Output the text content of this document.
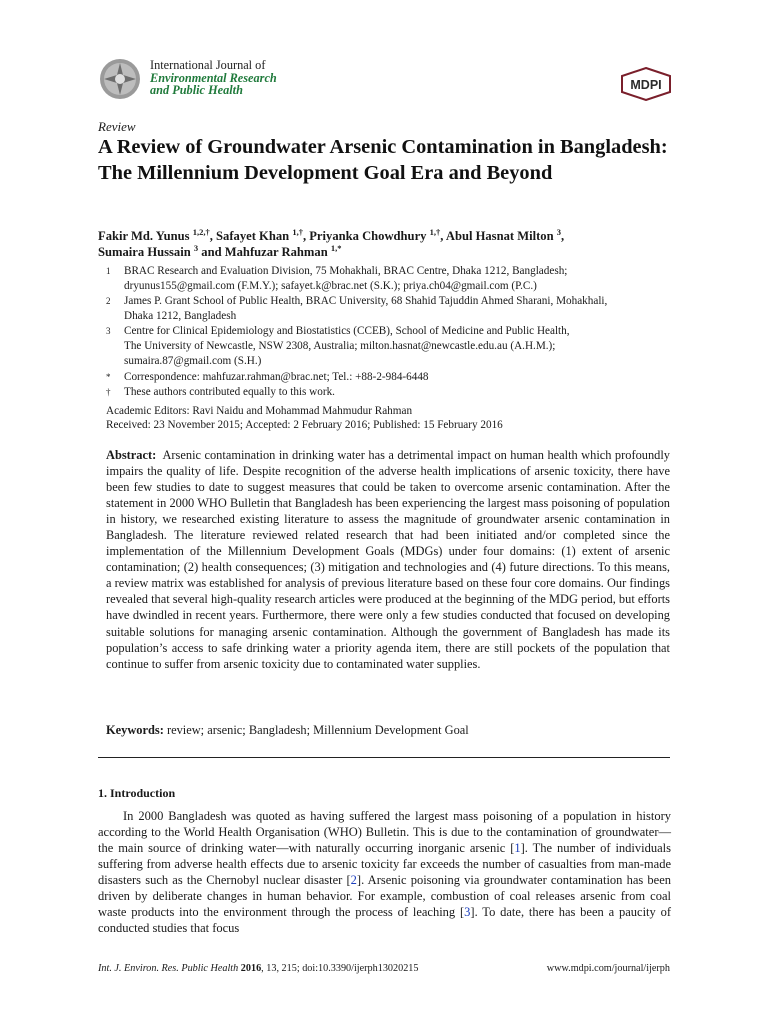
International Journal of
Environmental Research
and Public Health	MDPI
Review
A Review of Groundwater Arsenic Contamination in Bangladesh: The Millennium Development Goal Era and Beyond
Fakir Md. Yunus $^{1,2,\dagger}$, Safayet Khan $^{1,\dagger}$, Priyanka Chowdhury $^{1,\dagger}$, Abul Hasnat Milton $^3$,
Sumaira Hussain $^3$ and Mahfuzar Rahman $^{1,*}$
1	BRAC Research and Evaluation Division, 75 Mohakhali, BRAC Centre, Dhaka 1212, Bangladesh;
dryunus155@gmail.com (F.M.Y.); safayet.k@brac.net (S.K.); priya.ch04@gmail.com (P.C.)
2	James P. Grant School of Public Health, BRAC University, 68 Shahid Tajuddin Ahmed Sharani, Mohakhali,
Dhaka 1212, Bangladesh
3	Centre for Clinical Epidemiology and Biostatistics (CCEB), School of Medicine and Public Health,
The University of Newcastle, NSW 2308, Australia; milton.hasnat@newcastle.edu.au (A.H.M.);
sumaira.87@gmail.com (S.H.)
*	Correspondence: mahfuzar.rahman@brac.net; Tel.: +88-2-984-6448
†	These authors contributed equally to this work.
Academic Editors: Ravi Naidu and Mohammad Mahmudur Rahman
Received: 23 November 2015; Accepted: 2 February 2016; Published: 15 February 2016
Abstract: Arsenic contamination in drinking water has a detrimental impact on human health which profoundly impairs the quality of life. Despite recognition of the adverse health implications of arsenic toxicity, there have been few studies to date to suggest measures that could be taken to overcome arsenic contamination. After the statement in 2000 WHO Bulletin that Bangladesh has been experiencing the largest mass poisoning of population in history, we researched existing literature to assess the magnitude of groundwater arsenic contamination in Bangladesh. The literature reviewed related research that had been initiated and/or completed since the implementation of the Millennium Development Goals (MDGs) under four domains: (1) extent of arsenic contamination; (2) health consequences; (3) mitigation and technologies and (4) future directions. To this means, a review matrix was established for analysis of previous literature based on these four core domains. Our findings revealed that several high-quality research articles were produced at the beginning of the MDG period, but efforts have dwindled in recent years. Furthermore, there were only a few studies conducted that focused on developing suitable solutions for managing arsenic contamination. Although the government of Bangladesh has made its population’s access to safe drinking water a priority agenda item, there are still pockets of the population that continue to suffer from arsenic toxicity due to contaminated water supplies.
Keywords: review; arsenic; Bangladesh; Millennium Development Goal
1. Introduction
In 2000 Bangladesh was quoted as having suffered the largest mass poisoning of a population in history according to the World Health Organisation (WHO) Bulletin. This is due to the contamination of groundwater—the main source of drinking water—with naturally occurring inorganic arsenic [1]. The number of individuals suffering from adverse health effects due to arsenic toxicity far exceeds the number of casualties from man-made disasters such as the Chernobyl nuclear disaster [2]. Arsenic poisoning via groundwater contamination has been driven by deliberate changes in human behavior. For example, combustion of coal releases arsenic from coal waste products into the environment through the process of leaching [3]. To date, there has been a paucity of conducted studies that focus
Int. J. Environ. Res. Public Health 2016, 13, 215; doi:10.3390/ijerph13020215	www.mdpi.com/journal/ijerph
